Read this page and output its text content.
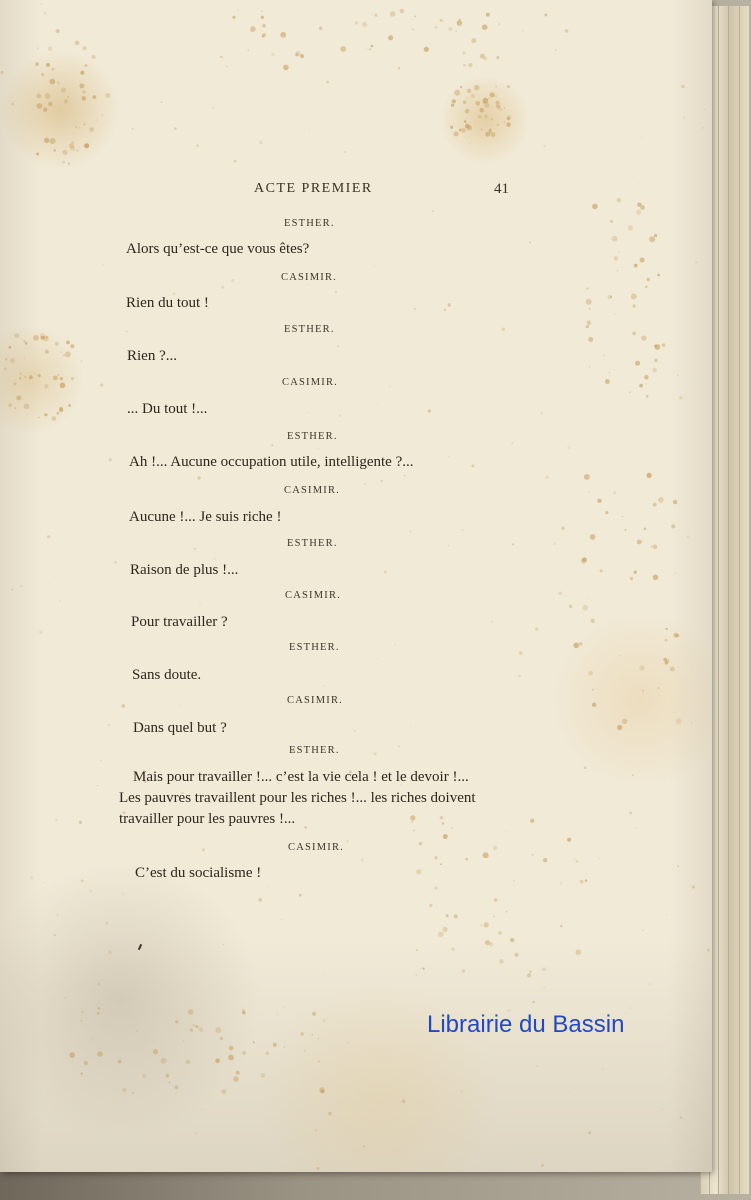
ACTE PREMIER	41
ESTHER.
Alors qu’est-ce que vous êtes?
CASIMIR.
Rien du tout !
ESTHER.
Rien ?...
CASIMIR.
... Du tout !...
ESTHER.
Ah !... Aucune occupation utile, intelligente ?...
CASIMIR.
Aucune !... Je suis riche !
ESTHER.
Raison de plus !...
CASIMIR.
Pour travailler ?
ESTHER.
Sans doute.
CASIMIR.
Dans quel but ?
ESTHER.
Mais pour travailler !... c’est la vie cela ! et le devoir !...
Les pauvres travaillent pour les riches !... les riches doivent
travailler pour les pauvres !...
CASIMIR.
C’est du socialisme !
Librairie du Bassin
